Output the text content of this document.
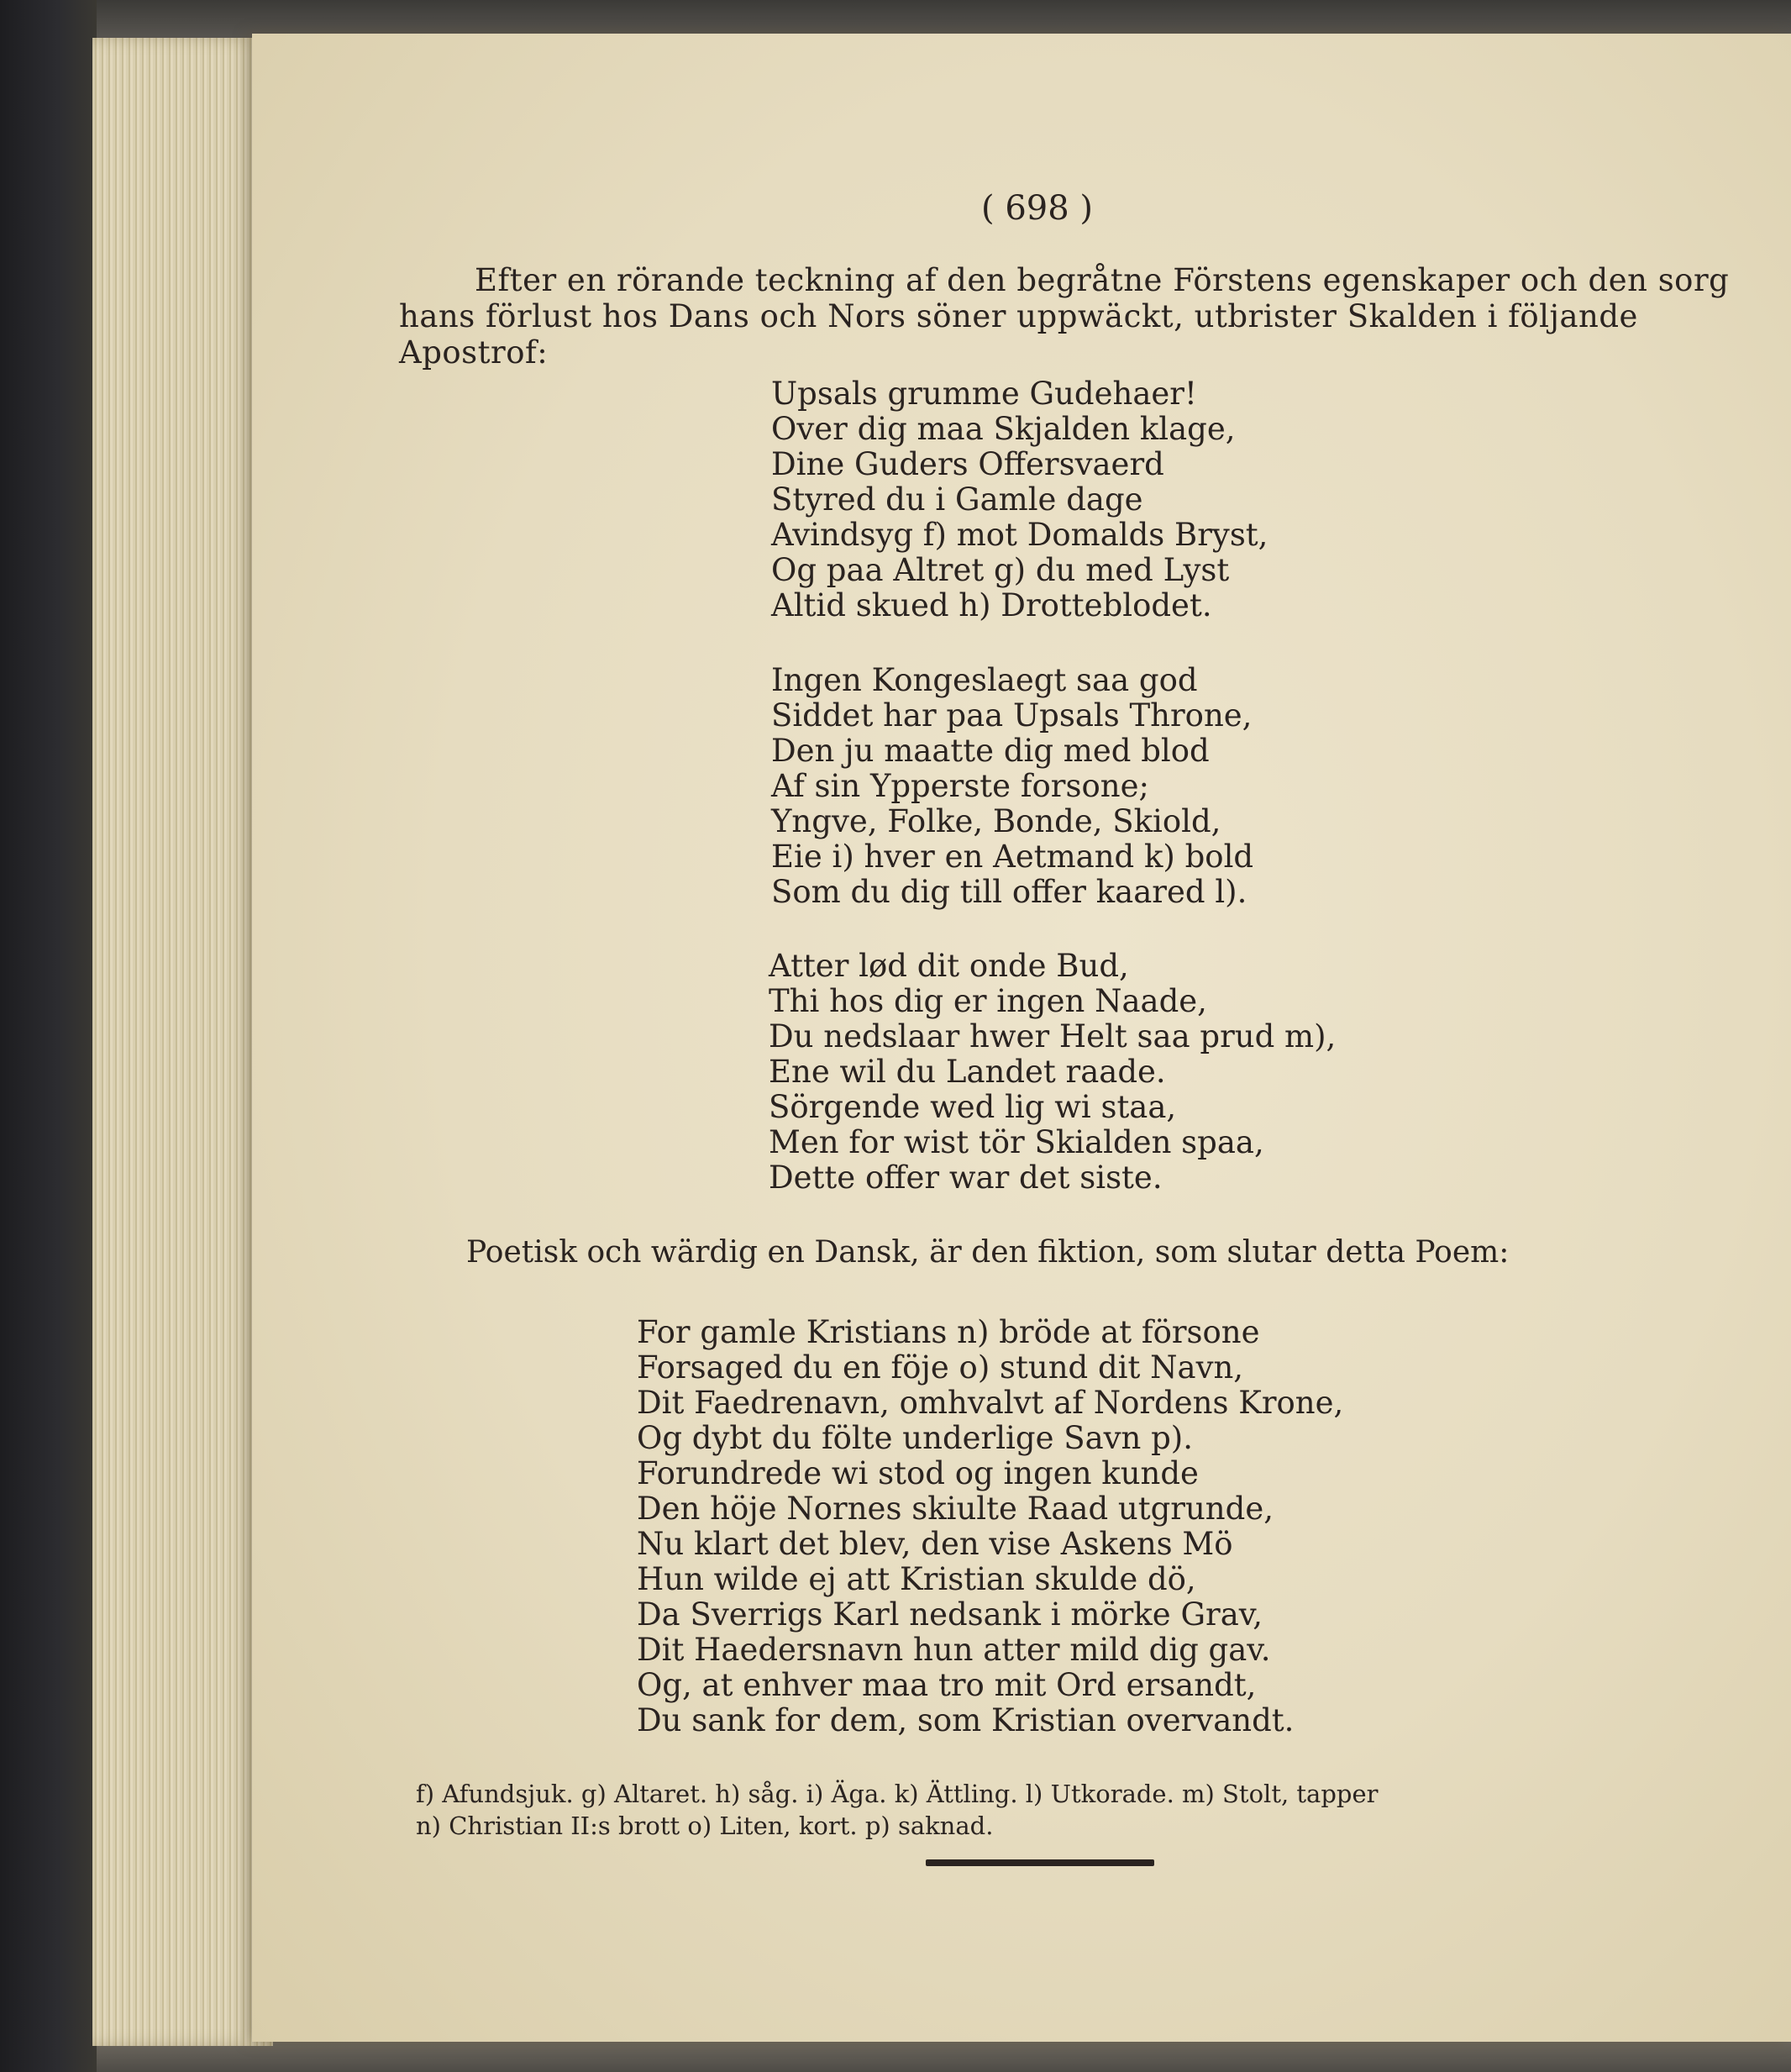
( 698 )
Efter en rörande teckning af den begråtne Förstens egenskaper och den sorg
hans förlust hos Dans och Nors söner uppwäckt, utbrister Skalden i följande
Apostrof:
Upsals grumme Gudehaer!
Over dig maa Skjalden klage,
Dine Guders Offersvaerd
Styred du i Gamle dage
Avindsyg f) mot Domalds Bryst,
Og paa Altret g) du med Lyst
Altid skued h) Drotteblodet.
Ingen Kongeslaegt saa god
Siddet har paa Upsals Throne,
Den ju maatte dig med blod
Af sin Ypperste forsone;
Yngve, Folke, Bonde, Skiold,
Eie i) hver en Aetmand k) bold
Som du dig till offer kaared l).
Atter lød dit onde Bud,
Thi hos dig er ingen Naade,
Du nedslaar hwer Helt saa prud m),
Ene wil du Landet raade.
Sörgende wed lig wi staa,
Men for wist tör Skialden spaa,
Dette offer war det siste.
Poetisk och wärdig en Dansk, är den fiktion, som slutar detta Poem:
For gamle Kristians n) bröde at försone
Forsaged du en föje o) stund dit Navn,
Dit Faedrenavn, omhvalvt af Nordens Krone,
Og dybt du fölte underlige Savn p).
Forundrede wi stod og ingen kunde
Den höje Nornes skiulte Raad utgrunde,
Nu klart det blev, den vise Askens Mö
Hun wilde ej att Kristian skulde dö,
Da Sverrigs Karl nedsank i mörke Grav,
Dit Haedersnavn hun atter mild dig gav.
Og, at enhver maa tro mit Ord ersandt,
Du sank for dem, som Kristian overvandt.
f) Afundsjuk. g) Altaret. h) såg. i) Äga. k) Ättling. l) Utkorade. m) Stolt, tapper
n) Christian II:s brott o) Liten, kort. p) saknad.
